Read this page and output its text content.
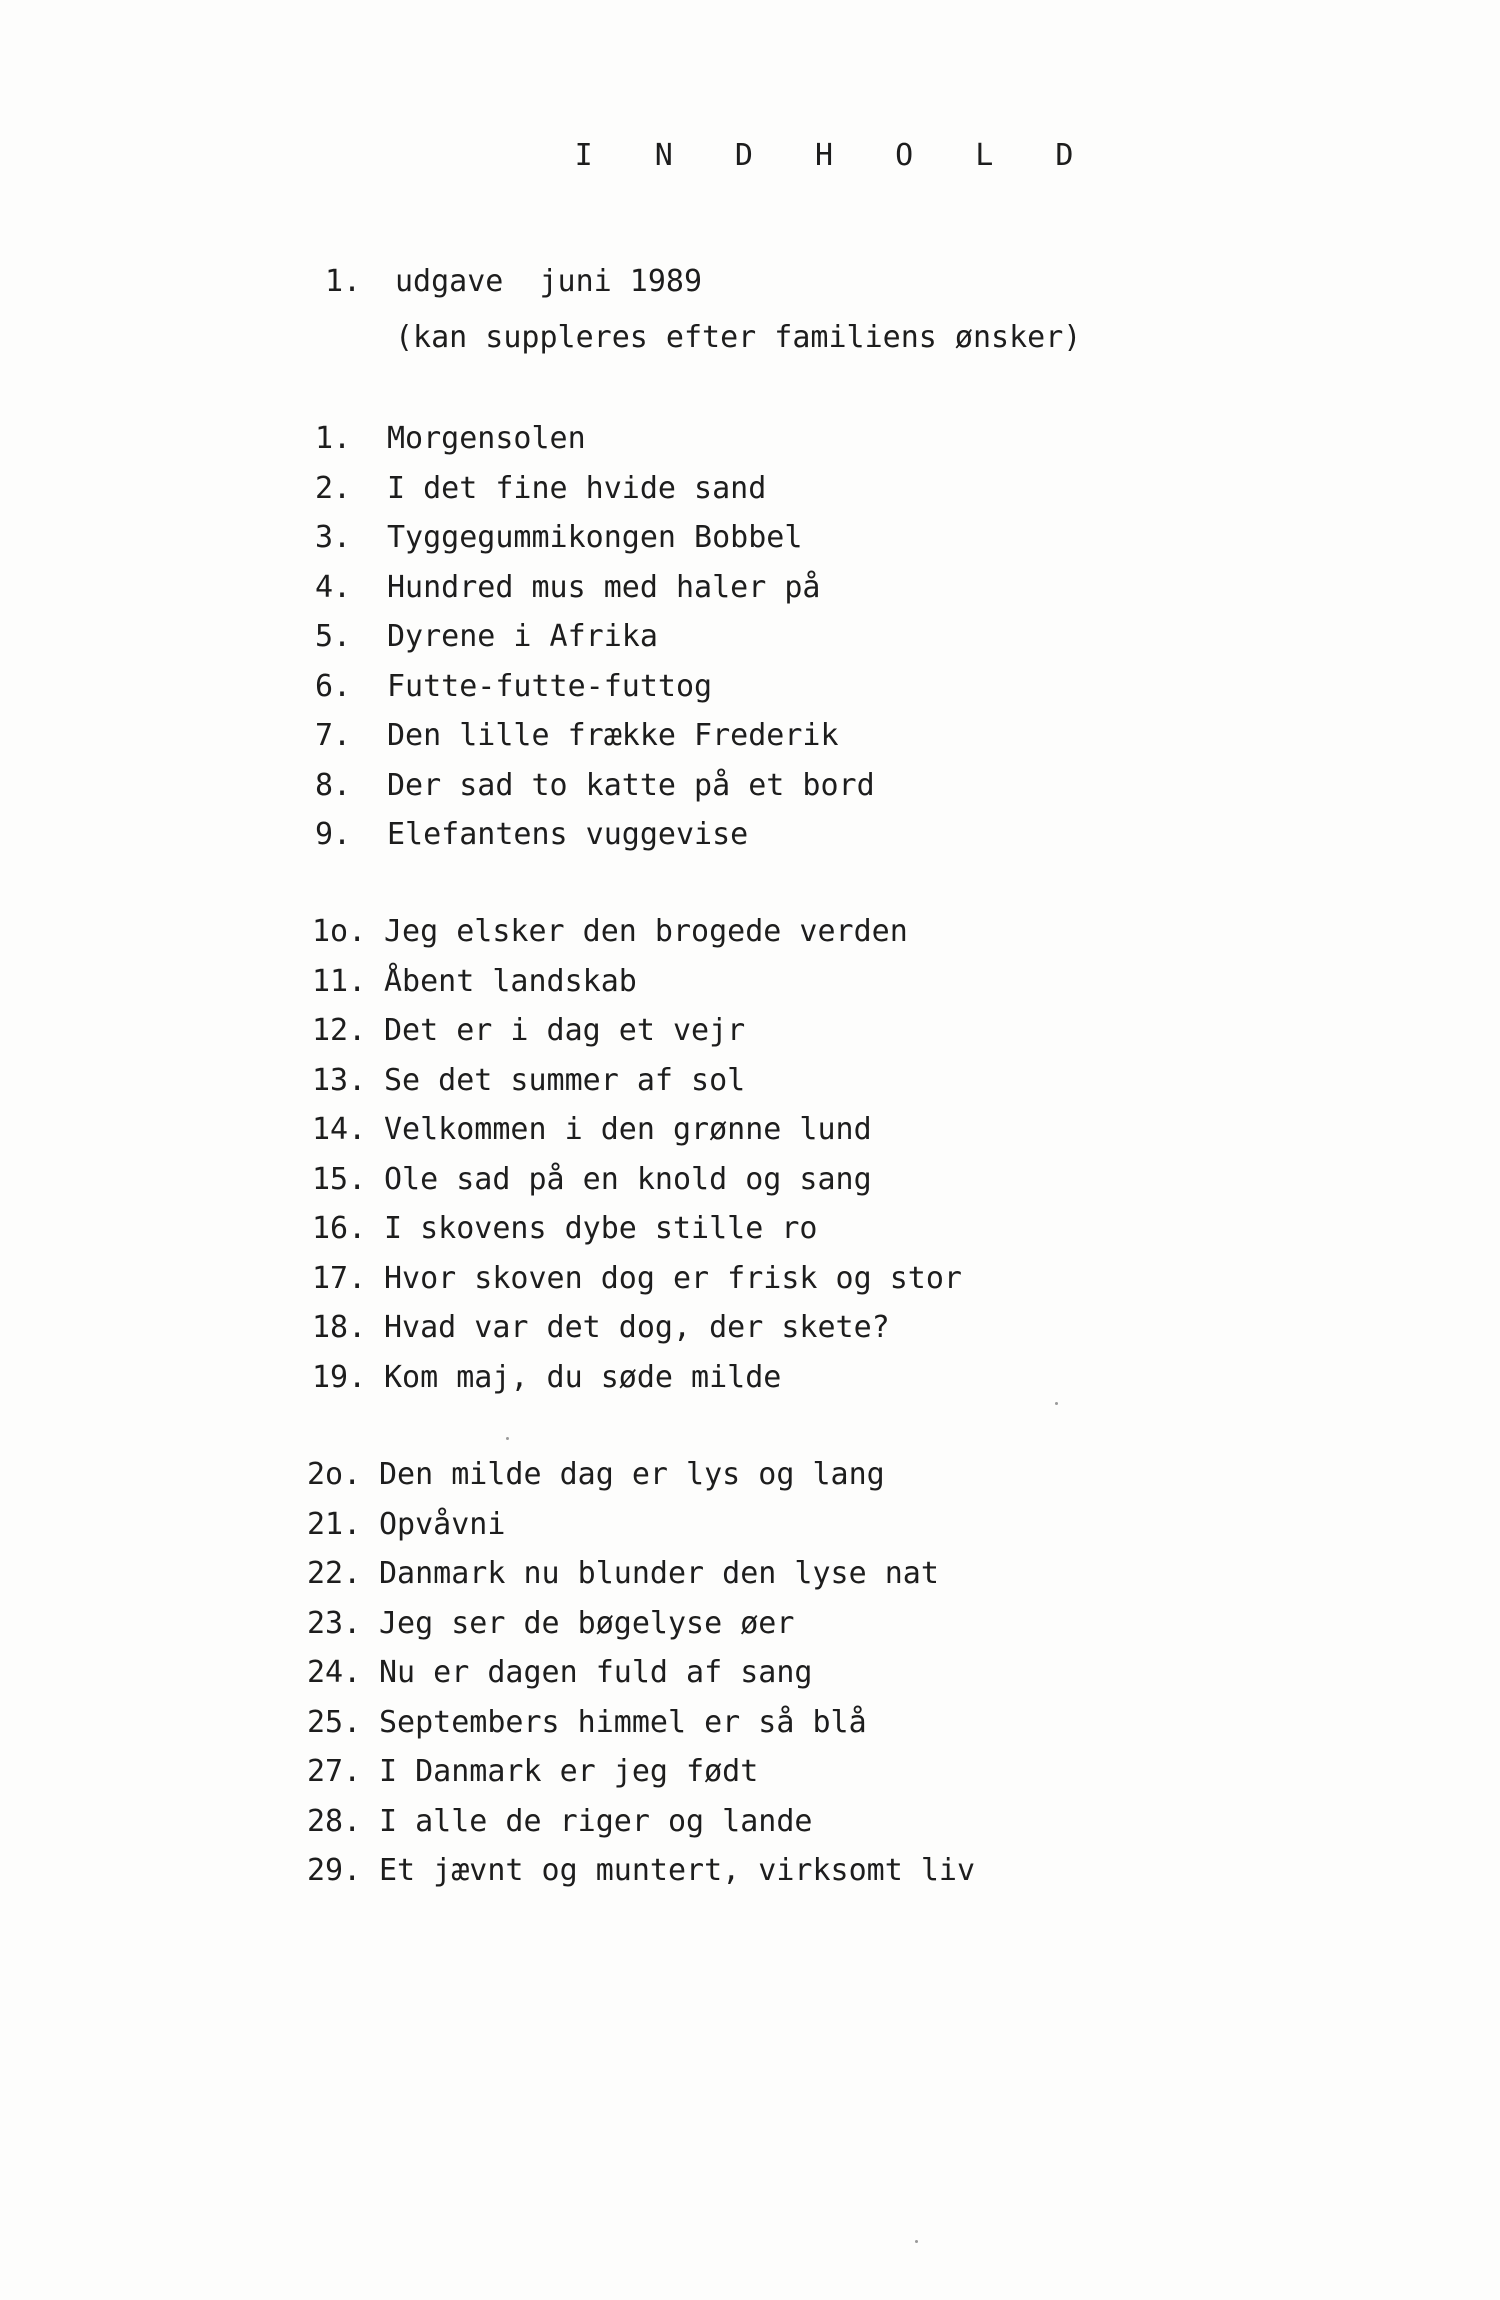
I N D H O L D
1.	udgave  juni 1989
(kan suppleres efter familiens ønsker)
1.	Morgensolen
2.	I det fine hvide sand
3.	Tyggegummikongen Bobbel
4.	Hundred mus med haler på
5.	Dyrene i Afrika
6.	Futte-futte-futtog
7.	Den lille frække Frederik
8.	Der sad to katte på et bord
9.	Elefantens vuggevise
1o. Jeg elsker den brogede verden
11. Åbent landskab
12. Det er i dag et vejr
13. Se det summer af sol
14. Velkommen i den grønne lund
15. Ole sad på en knold og sang
16. I skovens dybe stille ro
17. Hvor skoven dog er frisk og stor
18. Hvad var det dog, der skete?
19. Kom maj, du søde milde
2o. Den milde dag er lys og lang
21. Opvåvni
22. Danmark nu blunder den lyse nat
23. Jeg ser de bøgelyse øer
24. Nu er dagen fuld af sang
25. Septembers himmel er så blå
27. I Danmark er jeg født
28. I alle de riger og lande
29. Et jævnt og muntert, virksomt liv
